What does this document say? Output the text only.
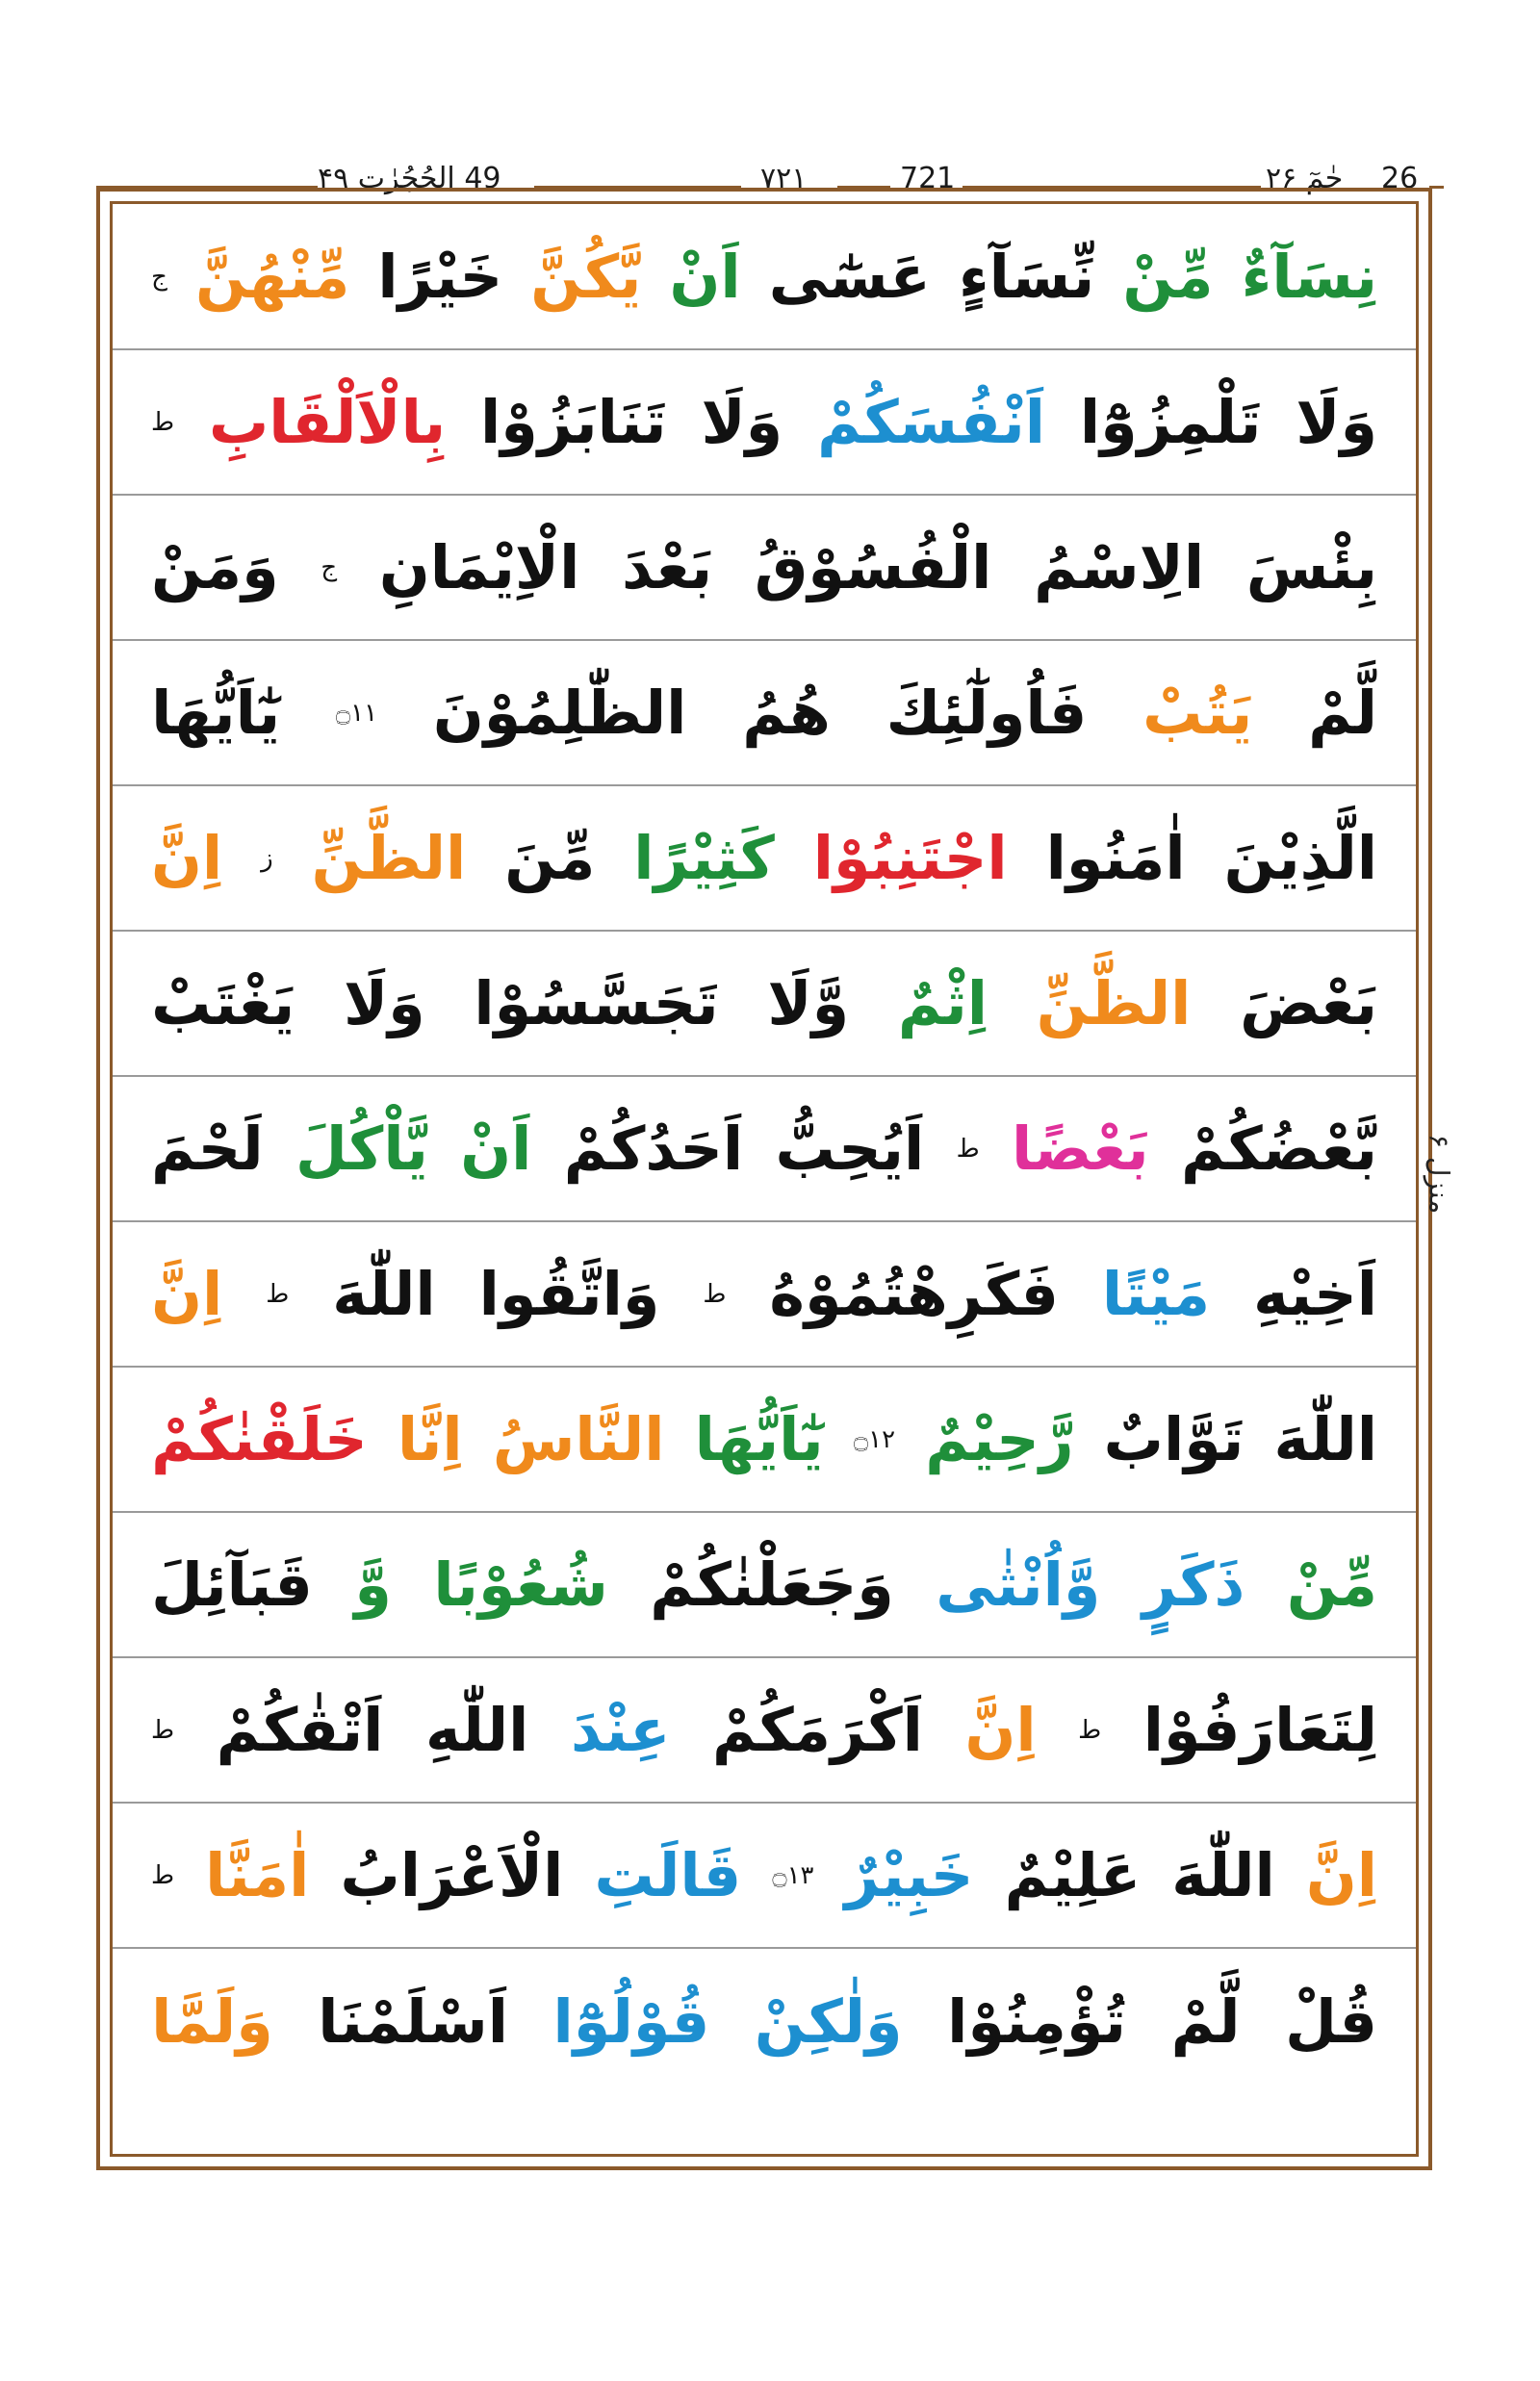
49 الحُجُرٰت ۴۹	۷۲۱	721	حٰمٓ ۲۶ 26
نِسَآءٌ
مِّنْ
نِّسَآءٍ
عَسٰٓى
اَنْ
يَّكُنَّ
خَيْرًا
مِّنْهُنَّ
ج
وَلَا
تَلْمِزُوْٓا
اَنْفُسَكُمْ
وَلَا
تَنَابَزُوْا
بِالْاَلْقَابِ
ط
بِئْسَ
الِاسْمُ
الْفُسُوْقُ
بَعْدَ
الْاِيْمَانِ
ج
وَمَنْ
لَّمْ
يَتُبْ
فَاُولٰٓئِكَ
هُمُ
الظّٰلِمُوْنَ
۝۱۱
يٰٓاَيُّهَا
الَّذِيْنَ
اٰمَنُوا
اجْتَنِبُوْا
كَثِيْرًا
مِّنَ
الظَّنِّ
ز
اِنَّ
بَعْضَ
الظَّنِّ
اِثْمٌ
وَّلَا
تَجَسَّسُوْا
وَلَا
يَغْتَبْ
بَّعْضُكُمْ
بَعْضًا
ط
اَيُحِبُّ
اَحَدُكُمْ
اَنْ
يَّاْكُلَ
لَحْمَ
اَخِيْهِ
مَيْتًا
فَكَرِهْتُمُوْهُ
ط
وَاتَّقُوا
اللّٰهَ
ط
اِنَّ
اللّٰهَ
تَوَّابٌ
رَّحِيْمٌ
۝۱۲
يٰٓاَيُّهَا
النَّاسُ
اِنَّا
خَلَقْنٰكُمْ
مِّنْ
ذَكَرٍ
وَّاُنْثٰى
وَجَعَلْنٰكُمْ
شُعُوْبًا
وَّ
قَبَآئِلَ
لِتَعَارَفُوْا
ط
اِنَّ
اَكْرَمَكُمْ
عِنْدَ
اللّٰهِ
اَتْقٰكُمْ
ط
اِنَّ
اللّٰهَ
عَلِيْمٌ
خَبِيْرٌ
۝۱۳
قَالَتِ
الْاَعْرَابُ
اٰمَنَّا
ط
قُلْ
لَّمْ
تُؤْمِنُوْا
وَلٰكِنْ
قُوْلُوْٓا
اَسْلَمْنَا
وَلَمَّا
منزل ۶
